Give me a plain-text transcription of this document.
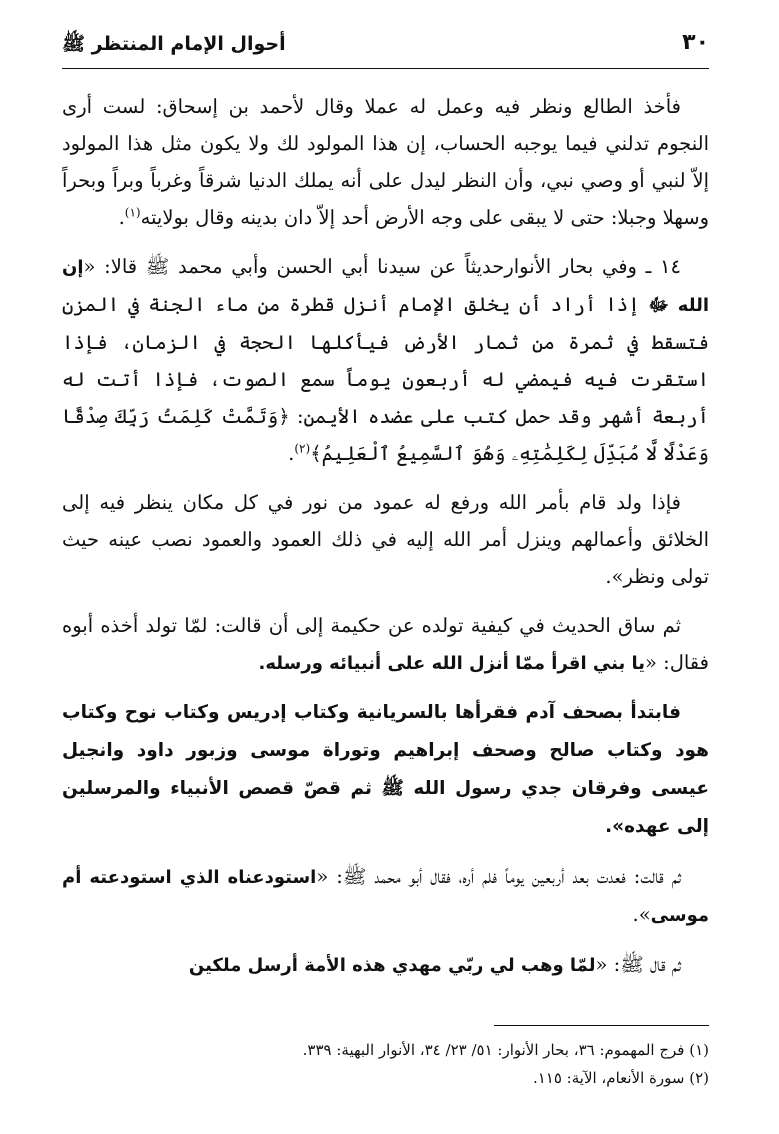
أحوال الإمام المنتظر ﷺ	٣٠

فأخذ الطالع ونظر فيه وعمل له عملا وقال لأحمد بن إسحاق: لست أرى النجوم تدلني فيما يوجبه الحساب، إن هذا المولود لك ولا يكون مثل هذا المولود إلاّ لنبي أو وصي نبي، وأن النظر ليدل على أنه يملك الدنيا شرقاً وغرباً وبراً وبحراً وسهلا وجبلا: حتى لا يبقى على وجه الأرض أحد إلاّ دان بدينه وقال بولايته$^{(١)}$.

١٤ ـ وفي بحار الأنوارحديثاً عن سيدنا أبي الحسن وأبي محمد ﷺ قالا: «إن الله ﷻ إذا أراد أن يخلق الإمام أنزل قطرة من ماء الجنة في المزن فتسقط في ثمرة من ثمار الأرض فيأكلها الحجة في الزمان، فإذا استقرت فيه فيمضي له أربعون يوماً سمع الصوت، فإذا أتت له أربعة أشهر وقد حمل كتب على عضده الأيمن: ﴿وَتَمَّتْ كَلِمَتُ رَبِّكَ صِدْقًا وَعَدْلًا لَّا مُبَدِّلَ لِكَلِمَٰتِهِۦ وَهُوَ ٱلسَّمِيعُ ٱلْعَلِيمُ﴾$^{(٢)}$.

فإذا ولد قام بأمر الله ورفع له عمود من نور في كل مكان ينظر فيه إلى الخلائق وأعمالهم وينزل أمر الله إليه في ذلك العمود والعمود نصب عينه حيث تولى ونظر».

ثم ساق الحديث في كيفية تولده عن حكيمة إلى أن قالت: لمّا تولد أخذه أبوه فقال: «يا بني اقرأ ممّا أنزل الله على أنبيائه ورسله.

فابتدأ بصحف آدم فقرأها بالسريانية وكتاب إدريس وكتاب نوح وكتاب هود وكتاب صالح وصحف إبراهيم وتوراة موسى وزبور داود وانجيل عيسى وفرقان جدي رسول الله ﷺ ثم قصّ قصص الأنبياء والمرسلين إلى عهده».

ثم قالت: فعدت بعد أربعين يوماً فلم أره، فقال أبو محمد ﷺ: «استودعناه الذي استودعته أم موسى».

ثم قال ﷺ: «لمّا وهب لي ربّي مهدي هذه الأمة أرسل ملكين

(١) فرج المهموم: ٣٦، بحار الأنوار: ٥١/ ٢٣/ ٣٤، الأنوار البهية: ٣٣٩.

(٢) سورة الأنعام، الآية: ١١٥.
